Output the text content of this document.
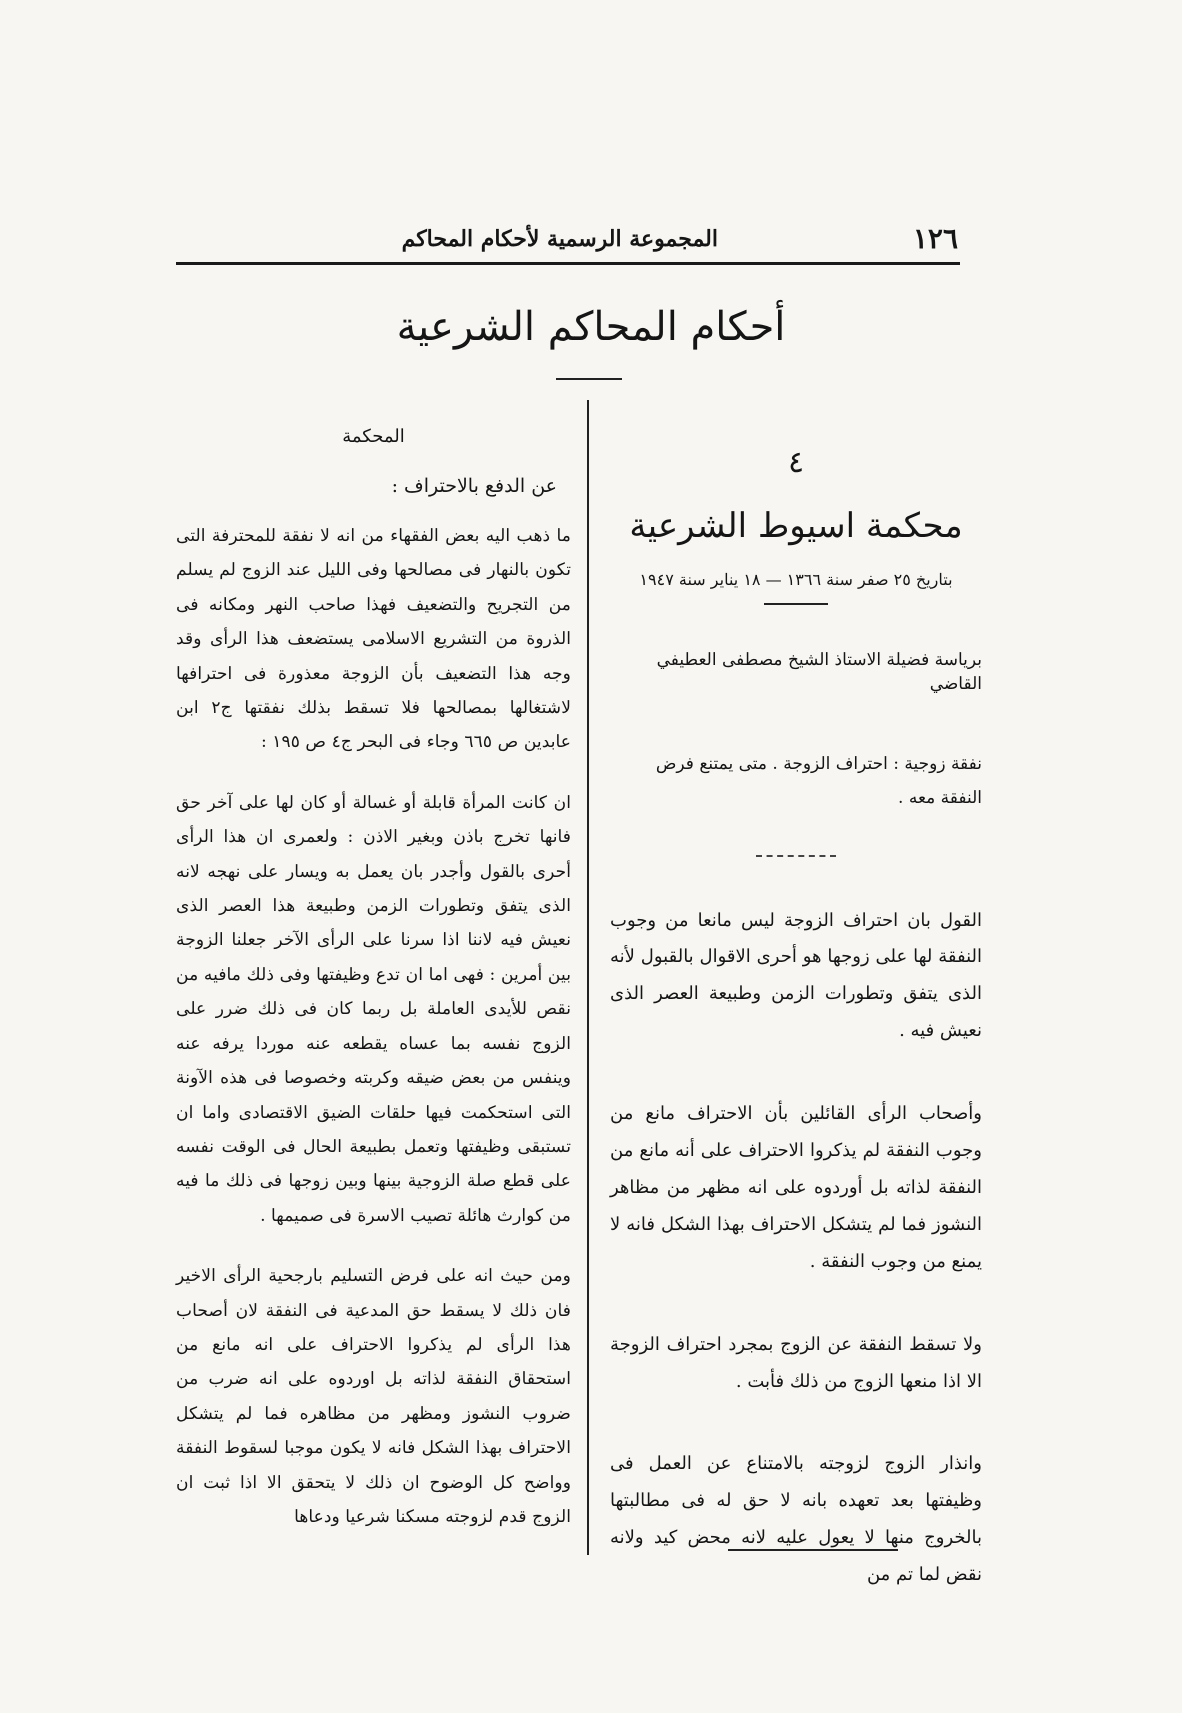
١٢٦
المجموعة الرسمية لأحكام المحاكم
أحكام المحاكم الشرعية

٤

محكمة اسيوط الشرعية

بتاريخ ٢٥ صفر سنة ١٣٦٦ — ١٨ يناير سنة ١٩٤٧

برياسة فضيلة الاستاذ الشيخ مصطفى العطيفي القاضي

نفقة زوجية : احتراف الزوجة . متى يمتنع فرض النفقة معه .

القول بان احتراف الزوجة ليس مانعا من وجوب النفقة لها على زوجها هو أحرى الاقوال بالقبول لأنه الذى يتفق وتطورات الزمن وطبيعة العصر الذى نعيش فيه .

وأصحاب الرأى القائلين بأن الاحتراف مانع من وجوب النفقة لم يذكروا الاحتراف على أنه مانع من النفقة لذاته بل أوردوه على انه مظهر من مظاهر النشوز فما لم يتشكل الاحتراف بهذا الشكل فانه لا يمنع من وجوب النفقة .

ولا تسقط النفقة عن الزوج بمجرد احتراف الزوجة الا اذا منعها الزوج من ذلك فأبت .

وانذار الزوج لزوجته بالامتناع عن العمل فى وظيفتها بعد تعهده بانه لا حق له فى مطالبتها بالخروج منها لا يعول عليه لانه محض كيد ولانه نقض لما تم من

المحكمة

عن الدفع بالاحتراف :

ما ذهب اليه بعض الفقهاء من انه لا نفقة للمحترفة التى تكون بالنهار فى مصالحها وفى الليل عند الزوج لم يسلم من التجريح والتضعيف فهذا صاحب النهر ومكانه فى الذروة من التشريع الاسلامى يستضعف هذا الرأى وقد وجه هذا التضعيف بأن الزوجة معذورة فى احترافها لاشتغالها بمصالحها فلا تسقط بذلك نفقتها ج٢ ابن عابدين ص ٦٦٥ وجاء فى البحر ج٤ ص ١٩٥ :

ان كانت المرأة قابلة أو غسالة أو كان لها على آخر حق فانها تخرج باذن وبغير الاذن : ولعمرى ان هذا الرأى أحرى بالقول وأجدر بان يعمل به ويسار على نهجه لانه الذى يتفق وتطورات الزمن وطبيعة هذا العصر الذى نعيش فيه لاننا اذا سرنا على الرأى الآخر جعلنا الزوجة بين أمرين : فهى اما ان تدع وظيفتها وفى ذلك مافيه من نقص للأيدى العاملة بل ربما كان فى ذلك ضرر على الزوج نفسه بما عساه يقطعه عنه موردا يرفه عنه وينفس من بعض ضيقه وكربته وخصوصا فى هذه الآونة التى استحكمت فيها حلقات الضيق الاقتصادى واما ان تستبقى وظيفتها وتعمل بطبيعة الحال فى الوقت نفسه على قطع صلة الزوجية بينها وبين زوجها فى ذلك ما فيه من كوارث هائلة تصيب الاسرة فى صميمها .

ومن حيث انه على فرض التسليم بارجحية الرأى الاخير فان ذلك لا يسقط حق المدعية فى النفقة لان أصحاب هذا الرأى لم يذكروا الاحتراف على انه مانع من استحقاق النفقة لذاته بل اوردوه على انه ضرب من ضروب النشوز ومظهر من مظاهره فما لم يتشكل الاحتراف بهذا الشكل فانه لا يكون موجبا لسقوط النفقة وواضح كل الوضوح ان ذلك لا يتحقق الا اذا ثبت ان الزوج قدم لزوجته مسكنا شرعيا ودعاها
